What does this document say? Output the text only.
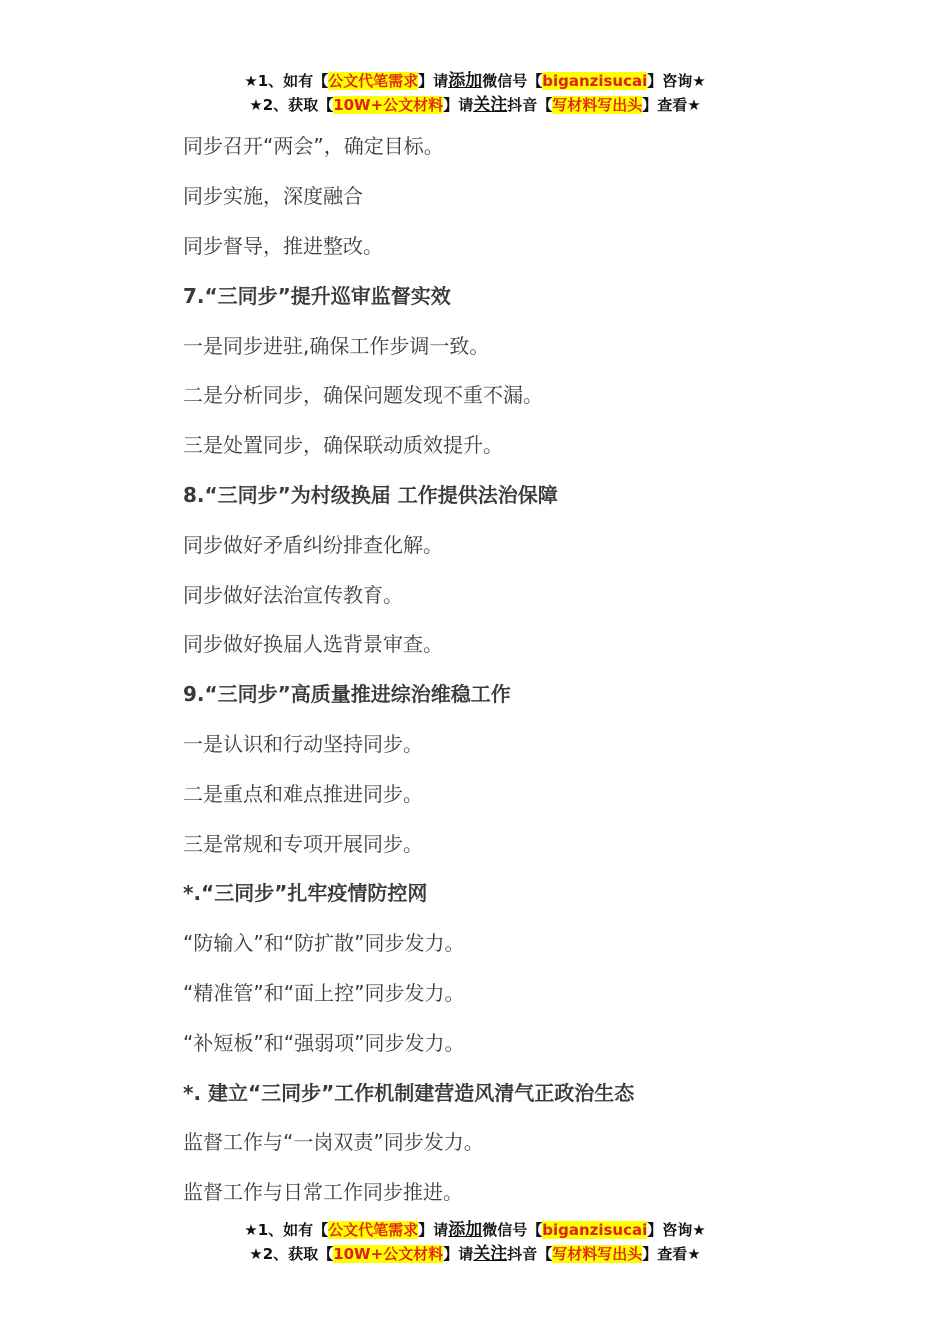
★1、如有【公文代笔需求】请添加微信号【biganzisucai】咨询★
★2、获取【10W+公文材料】请关注抖音【写材料写出头】查看★
同步召开“两会”，确定目标。
同步实施，深度融合
同步督导，推进整改。
7.“三同步”提升巡审监督实效
一是同步进驻,确保工作步调一致。
二是分析同步，确保问题发现不重不漏。
三是处置同步，确保联动质效提升。
8.“三同步”为村级换届 工作提供法治保障
同步做好矛盾纠纷排查化解。
同步做好法治宣传教育。
同步做好换届人选背景审查。
9.“三同步”高质量推进综治维稳工作
一是认识和行动坚持同步。
二是重点和难点推进同步。
三是常规和专项开展同步。
*.“三同步”扎牢疫情防控网
“防输入”和“防扩散”同步发力。
“精准管”和“面上控”同步发力。
“补短板”和“强弱项”同步发力。
*. 建立“三同步”工作机制建营造风清气正政治生态
监督工作与“一岗双责”同步发力。
监督工作与日常工作同步推进。
★1、如有【公文代笔需求】请添加微信号【biganzisucai】咨询★
★2、获取【10W+公文材料】请关注抖音【写材料写出头】查看★
